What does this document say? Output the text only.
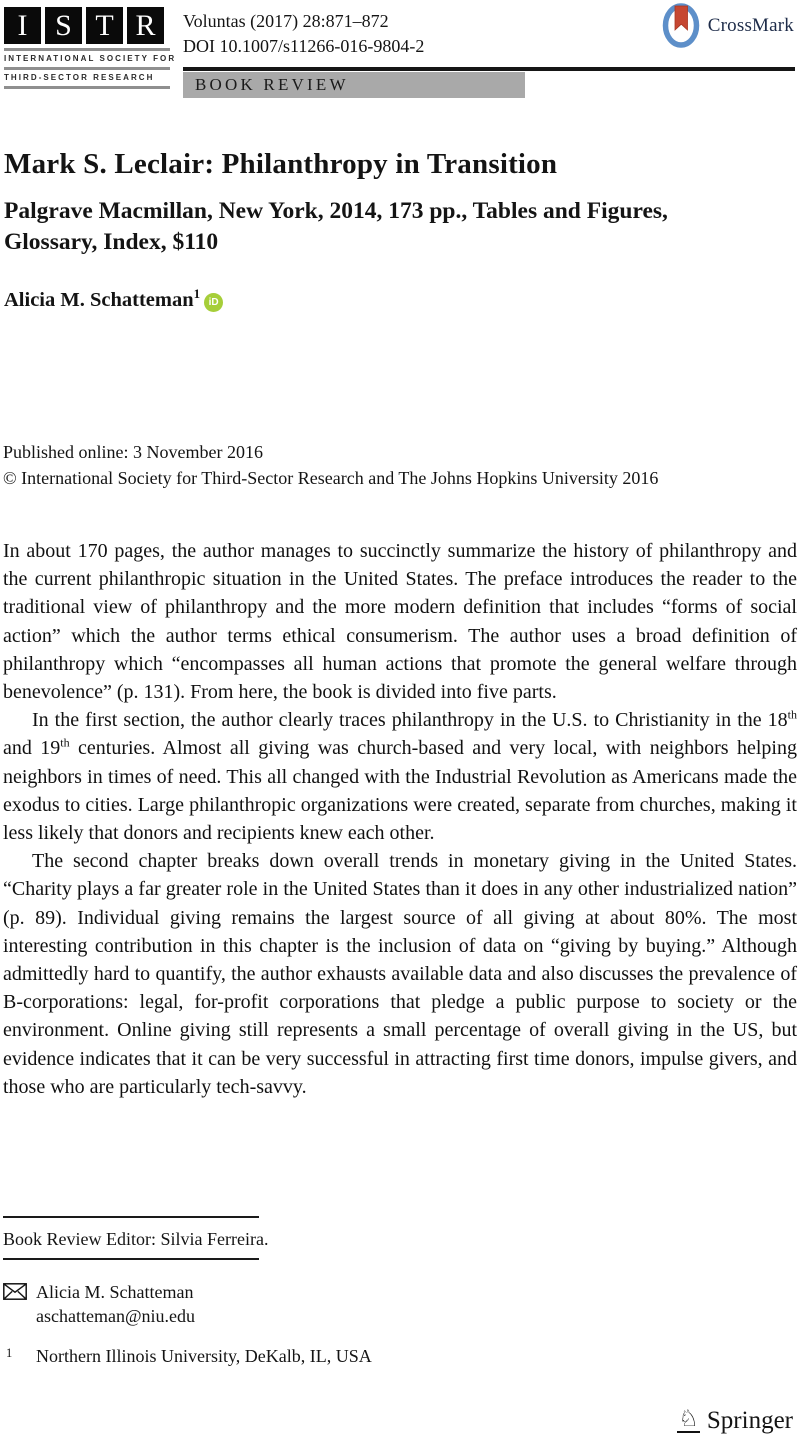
I S T R
INTERNATIONAL SOCIETY FOR
THIRD-SECTOR RESEARCH
Voluntas (2017) 28:871–872
DOI 10.1007/s11266-016-9804-2
CrossMark
BOOK REVIEW
Mark S. Leclair: Philanthropy in Transition
Palgrave Macmillan, New York, 2014, 173 pp., Tables and Figures, Glossary, Index, $110
Alicia M. Schatteman$^1$
iD
Published online: 3 November 2016
© International Society for Third-Sector Research and The Johns Hopkins University 2016

In about 170 pages, the author manages to succinctly summarize the history of philanthropy and the current philanthropic situation in the United States. The preface introduces the reader to the traditional view of philanthropy and the more modern definition that includes “forms of social action” which the author terms ethical consumerism. The author uses a broad definition of philanthropy which “encompasses all human actions that promote the general welfare through benevolence” (p. 131). From here, the book is divided into five parts.

In the first section, the author clearly traces philanthropy in the U.S. to Christianity in the 18th and 19th centuries. Almost all giving was church-based and very local, with neighbors helping neighbors in times of need. This all changed with the Industrial Revolution as Americans made the exodus to cities. Large philanthropic organizations were created, separate from churches, making it less likely that donors and recipients knew each other.

The second chapter breaks down overall trends in monetary giving in the United States. “Charity plays a far greater role in the United States than it does in any other industrialized nation” (p. 89). Individual giving remains the largest source of all giving at about 80%. The most interesting contribution in this chapter is the inclusion of data on “giving by buying.” Although admittedly hard to quantify, the author exhausts available data and also discusses the prevalence of B-corporations: legal, for-profit corporations that pledge a public purpose to society or the environment. Online giving still represents a small percentage of overall giving in the US, but evidence indicates that it can be very successful in attracting first time donors, impulse givers, and those who are particularly tech-savvy.

Book Review Editor: Silvia Ferreira.
Alicia M. Schatteman
aschatteman@niu.edu
1	Northern Illinois University, DeKalb, IL, USA
♘ Springer
